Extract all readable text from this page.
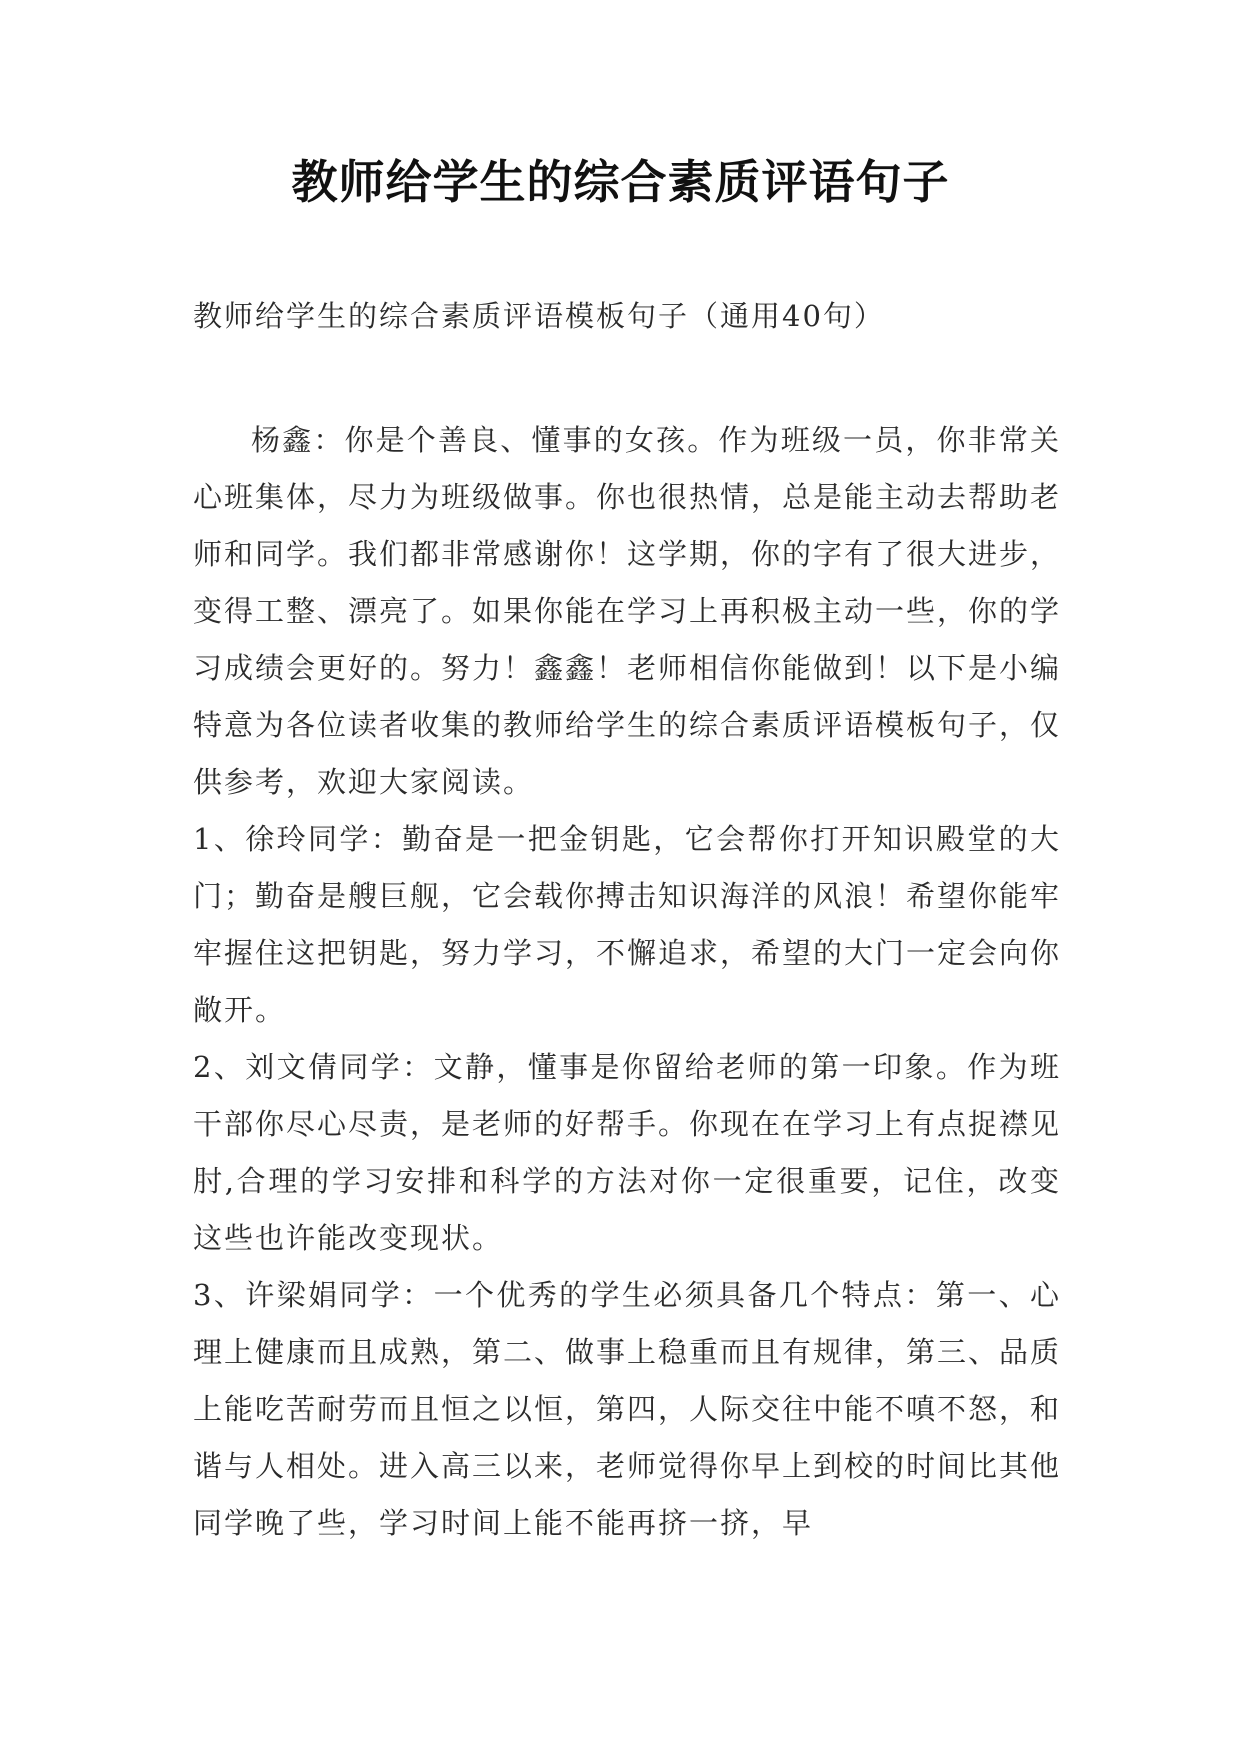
教师给学生的综合素质评语句子
教师给学生的综合素质评语模板句子（通用40句）

杨鑫：你是个善良、懂事的女孩。作为班级一员，你非常关心班集体，尽力为班级做事。你也很热情，总是能主动去帮助老师和同学。我们都非常感谢你！这学期，你的字有了很大进步，变得工整、漂亮了。如果你能在学习上再积极主动一些，你的学习成绩会更好的。努力！鑫鑫！老师相信你能做到！以下是小编特意为各位读者收集的教师给学生的综合素质评语模板句子，仅供参考，欢迎大家阅读。

1、徐玲同学：勤奋是一把金钥匙，它会帮你打开知识殿堂的大门；勤奋是艘巨舰，它会载你搏击知识海洋的风浪！希望你能牢牢握住这把钥匙，努力学习，不懈追求，希望的大门一定会向你敞开。

2、刘文倩同学：文静，懂事是你留给老师的第一印象。作为班干部你尽心尽责，是老师的好帮手。你现在在学习上有点捉襟见肘,合理的学习安排和科学的方法对你一定很重要，记住，改变这些也许能改变现状。

3、许梁娟同学：一个优秀的学生必须具备几个特点：第一、心理上健康而且成熟，第二、做事上稳重而且有规律，第三、品质上能吃苦耐劳而且恒之以恒，第四，人际交往中能不嗔不怒，和谐与人相处。进入高三以来，老师觉得你早上到校的时间比其他同学晚了些，学习时间上能不能再挤一挤，早
